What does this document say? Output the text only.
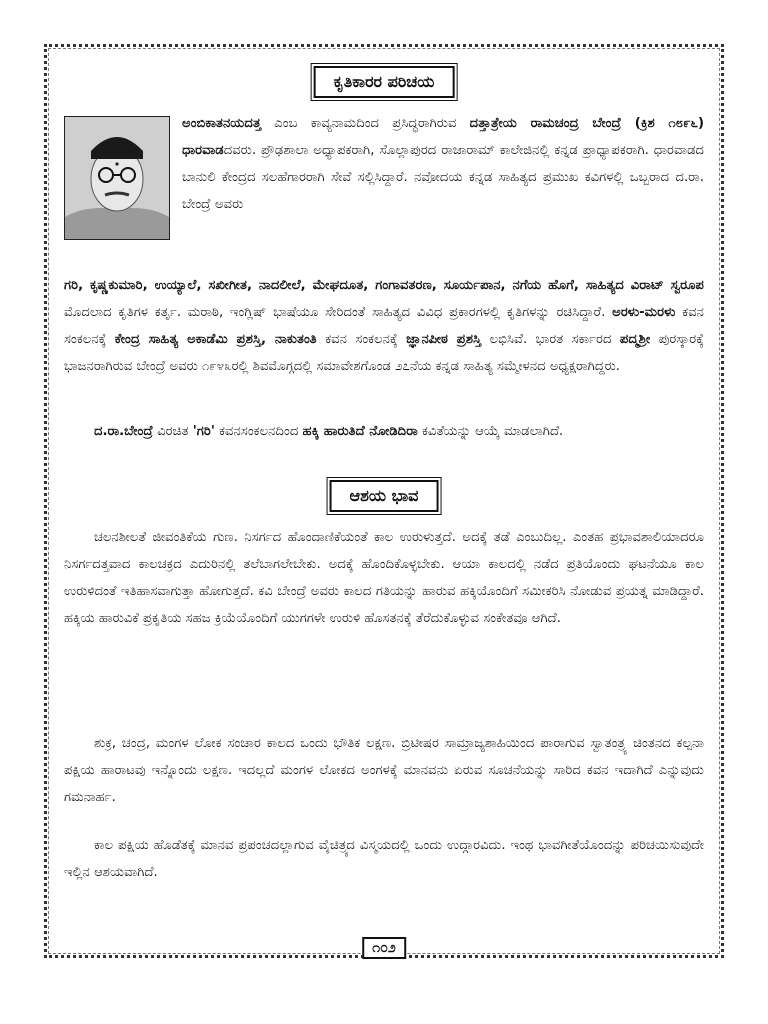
ಕೃತಿಕಾರರ ಪರಿಚಯ
ಅಂಬಿಕಾತನಯದತ್ತ ಎಂಬ ಕಾವ್ಯನಾಮದಿಂದ ಪ್ರಸಿದ್ಧರಾಗಿರುವ ದತ್ತಾತ್ರೇಯ ರಾಮಚಂದ್ರ ಬೇಂದ್ರೆ (ಕ್ರಿಶ ೧೮೯೬) ಧಾರವಾಡದವರು. ಪ್ರೌಢಶಾಲಾ ಅಧ್ಯಾಪಕರಾಗಿ, ಸೊಲ್ಲಾಪುರದ ರಾಜಾರಾಮ್ ಕಾಲೇಜಿನಲ್ಲಿ ಕನ್ನಡ ಪ್ರಾಧ್ಯಾಪಕರಾಗಿ. ಧಾರವಾಡದ ಬಾನುಲಿ ಕೇಂದ್ರದ ಸಲಹೆಗಾರರಾಗಿ ಸೇವೆ ಸಲ್ಲಿಸಿದ್ದಾರೆ. ನವೋದಯ ಕನ್ನಡ ಸಾಹಿತ್ಯದ ಪ್ರಮುಖ ಕವಿಗಳಲ್ಲಿ ಒಬ್ಬರಾದ ದ.ರಾ. ಬೇಂದ್ರೆ ಅವರು
ಗರಿ, ಕೃಷ್ಣಕುಮಾರಿ, ಉಯ್ಯಾಲೆ, ಸಖೀಗೀತ, ನಾದಲೀಲೆ, ಮೇಘದೂತ, ಗಂಗಾವತರಣ, ಸೂರ್ಯಪಾನ, ನಗೆಯ ಹೊಗೆ, ಸಾಹಿತ್ಯದ ವಿರಾಟ್ ಸ್ವರೂಪ ಮೊದಲಾದ ಕೃತಿಗಳ ಕರ್ತೃ. ಮರಾಠಿ, ಇಂಗ್ಲಿಷ್ ಭಾಷೆಯೂ ಸೇರಿದಂತೆ ಸಾಹಿತ್ಯದ ವಿವಿಧ ಪ್ರಕಾರಗಳಲ್ಲಿ ಕೃತಿಗಳನ್ನು ರಚಿಸಿದ್ದಾರೆ. ಅರಳು-ಮರಳು ಕವನ ಸಂಕಲನಕ್ಕೆ ಕೇಂದ್ರ ಸಾಹಿತ್ಯ ಅಕಾಡೆಮಿ ಪ್ರಶಸ್ತಿ, ನಾಕುತಂತಿ ಕವನ ಸಂಕಲನಕ್ಕೆ ಜ್ಞಾನಪೀಠ ಪ್ರಶಸ್ತಿ ಲಭಿಸಿವೆ. ಭಾರತ ಸರ್ಕಾರದ ಪದ್ಮಶ್ರೀ ಪುರಸ್ಕಾರಕ್ಕೆ ಭಾಜನರಾಗಿರುವ ಬೇಂದ್ರೆ ಅವರು ೧೯೪೩ರಲ್ಲಿ ಶಿವಮೊಗ್ಗದಲ್ಲಿ ಸಮಾವೇಶಗೊಂಡ ೨೭ನೆಯ ಕನ್ನಡ ಸಾಹಿತ್ಯ ಸಮ್ಮೇಳನದ ಅಧ್ಯಕ್ಷರಾಗಿದ್ದರು.
ದ.ರಾ.ಬೇಂದ್ರೆ ವಿರಚಿತ 'ಗರಿ' ಕವನಸಂಕಲನದಿಂದ ಹಕ್ಕಿ ಹಾರುತಿದೆ ನೋಡಿದಿರಾ ಕವಿತೆಯನ್ನು ಆಯ್ಕೆ ಮಾಡಲಾಗಿದೆ.
ಆಶಯ ಭಾವ
ಚಲನಶೀಲತೆ ಜೀವಂತಿಕೆಯ ಗುಣ. ನಿಸರ್ಗದ ಹೊಂದಾಣಿಕೆಯಂತೆ ಕಾಲ ಉರುಳುತ್ತದೆ. ಅದಕ್ಕೆ ತಡೆ ಎಂಬುದಿಲ್ಲ. ಎಂತಹ ಪ್ರಭಾವಶಾಲಿಯಾದರೂ ನಿಸರ್ಗದತ್ತವಾದ ಕಾಲಚಕ್ರದ ಎದುರಿನಲ್ಲಿ ತಲೆಬಾಗಲೇಬೇಕು. ಅದಕ್ಕೆ ಹೊಂದಿಕೊಳ್ಳಬೇಕು. ಆಯಾ ಕಾಲದಲ್ಲಿ ನಡೆದ ಪ್ರತಿಯೊಂದು ಘಟನೆಯೂ ಕಾಲ ಉರುಳಿದಂತೆ ಇತಿಹಾಸವಾಗುತ್ತಾ ಹೋಗುತ್ತದೆ. ಕವಿ ಬೇಂದ್ರೆ ಅವರು ಕಾಲದ ಗತಿಯನ್ನು ಹಾರುವ ಹಕ್ಕಿಯೊಂದಿಗೆ ಸಮೀಕರಿಸಿ ನೋಡುವ ಪ್ರಯತ್ನ ಮಾಡಿದ್ದಾರೆ. ಹಕ್ಕಿಯ ಹಾರುವಿಕೆ ಪ್ರಕೃತಿಯ ಸಹಜ ಕ್ರಿಯೆಯೊಂದಿಗೆ ಯುಗಗಳೇ ಉರುಳಿ ಹೊಸತನಕ್ಕೆ ತೆರೆದುಕೊಳ್ಳುವ ಸಂಕೇತವೂ ಆಗಿದೆ.
ಶುಕ್ರ, ಚಂದ್ರ, ಮಂಗಳ ಲೋಕ ಸಂಚಾರ ಕಾಲದ ಒಂದು ಭೌತಿಕ ಲಕ್ಷಣ. ಬ್ರಿಟೀಷರ ಸಾಮ್ರಾಜ್ಯಶಾಹಿಯಿಂದ ಪಾರಾಗುವ ಸ್ವಾತಂತ್ರ್ಯ ಚಿಂತನದ ಕಲ್ಪನಾ ಪಕ್ಷಿಯ ಹಾರಾಟವು ಇನ್ನೊಂದು ಲಕ್ಷಣ. ಇದಲ್ಲದೆ ಮಂಗಳ ಲೋಕದ ಅಂಗಳಕ್ಕೆ ಮಾನವನು ಏರುವ ಸೂಚನೆಯನ್ನು ಸಾರಿದ ಕವನ ಇದಾಗಿದೆ ಎನ್ನುವುದು ಗಮನಾರ್ಹ.
ಕಾಲ ಪಕ್ಷಿಯ ಹೊಡೆತಕ್ಕೆ ಮಾನವ ಪ್ರಪಂಚದಲ್ಲಾಗುವ ವೈಚಿತ್ರ್ಯದ ವಿಸ್ಮಯದಲ್ಲಿ ಒಂದು ಉದ್ಗಾರವಿದು. ಇಂಥ ಭಾವಗೀತೆಯೊಂದನ್ನು ಪರಿಚಯಿಸುವುದೇ ಇಲ್ಲಿನ ಆಶಯವಾಗಿದೆ.
೧೦೨
